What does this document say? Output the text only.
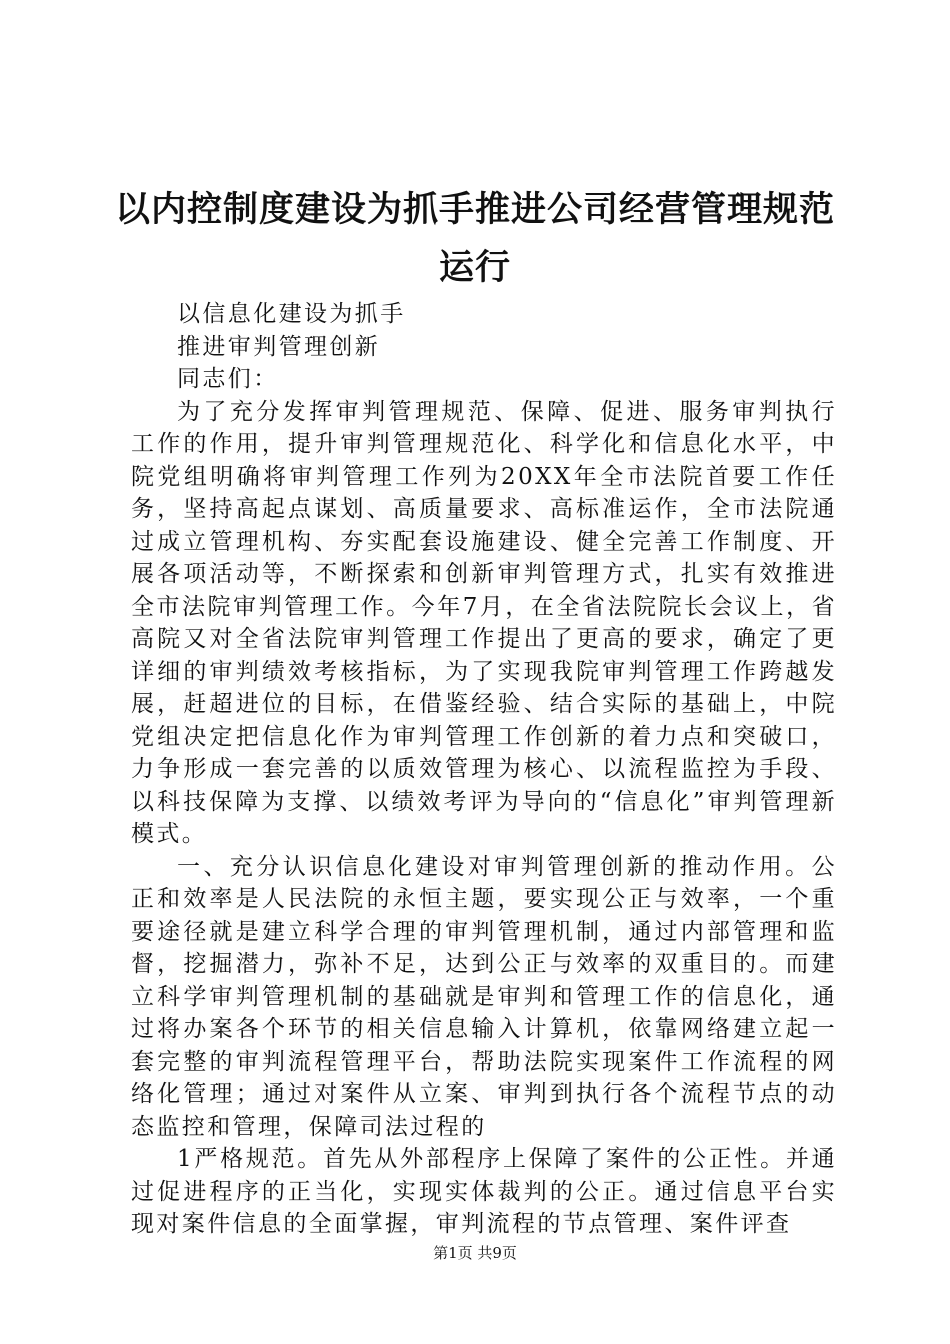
以内控制度建设为抓手推进公司经营管理规范
运行

以信息化建设为抓手

推进审判管理创新

同志们：

为了充分发挥审判管理规范、保障、促进、服务审判执行工作的作用，提升审判管理规范化、科学化和信息化水平，中院党组明确将审判管理工作列为20XX年全市法院首要工作任务，坚持高起点谋划、高质量要求、高标准运作，全市法院通过成立管理机构、夯实配套设施建设、健全完善工作制度、开展各项活动等，不断探索和创新审判管理方式，扎实有效推进全市法院审判管理工作。今年7月，在全省法院院长会议上，省高院又对全省法院审判管理工作提出了更高的要求，确定了更详细的审判绩效考核指标，为了实现我院审判管理工作跨越发展，赶超进位的目标，在借鉴经验、结合实际的基础上，中院党组决定把信息化作为审判管理工作创新的着力点和突破口，力争形成一套完善的以质效管理为核心、以流程监控为手段、以科技保障为支撑、以绩效考评为导向的“信息化”审判管理新模式。

一、充分认识信息化建设对审判管理创新的推动作用。公正和效率是人民法院的永恒主题，要实现公正与效率，一个重要途径就是建立科学合理的审判管理机制，通过内部管理和监督，挖掘潜力，弥补不足，达到公正与效率的双重目的。而建立科学审判管理机制的基础就是审判和管理工作的信息化，通过将办案各个环节的相关信息输入计算机，依靠网络建立起一套完整的审判流程管理平台，帮助法院实现案件工作流程的网络化管理；通过对案件从立案、审判到执行各个流程节点的动态监控和管理，保障司法过程的

1严格规范。首先从外部程序上保障了案件的公正性。并通过促进程序的正当化，实现实体裁判的公正。通过信息平台实现对案件信息的全面掌握，审判流程的节点管理、案件评查

第1页 共9页
